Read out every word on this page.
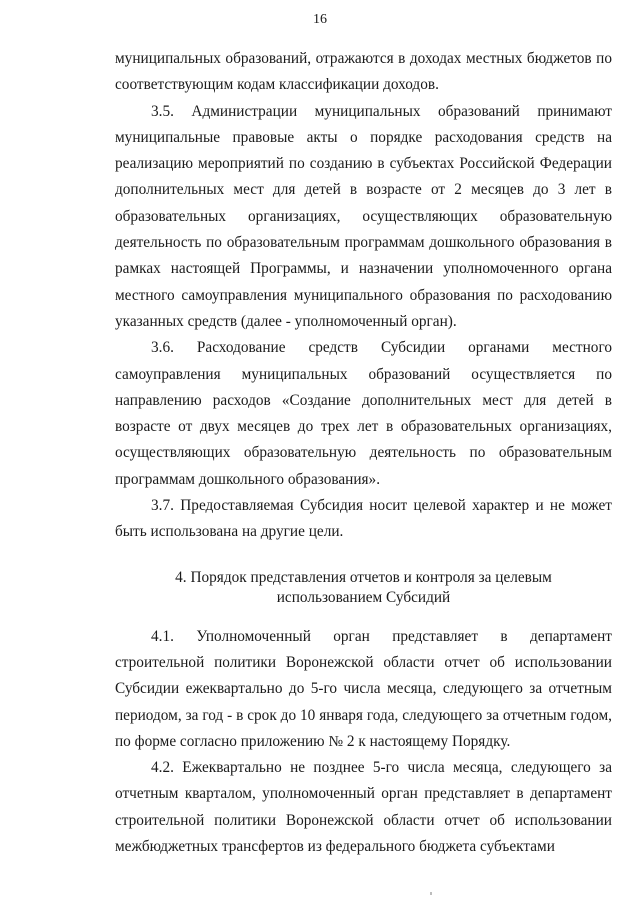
16

муниципальных образований, отражаются в доходах местных бюджетов по соответствующим кодам классификации доходов.

3.5. Администрации муниципальных образований принимают муниципальные правовые акты о порядке расходования средств на реализацию мероприятий по созданию в субъектах Российской Федерации дополнительных мест для детей в возрасте от 2 месяцев до 3 лет в образовательных организациях, осуществляющих образовательную деятельность по образовательным программам дошкольного образования в рамках настоящей Программы, и назначении уполномоченного органа местного самоуправления муниципального образования по расходованию указанных средств (далее - уполномоченный орган).

3.6. Расходование средств Субсидии органами местного самоуправления муниципальных образований осуществляется по направлению расходов «Создание дополнительных мест для детей в возрасте от двух месяцев до трех лет в образовательных организациях, осуществляющих образовательную деятельность по образовательным программам дошкольного образования».

3.7. Предоставляемая Субсидия носит целевой характер и не может быть использована на другие цели.

4. Порядок представления отчетов и контроля за целевым
использованием Субсидий

4.1. Уполномоченный орган представляет в департамент строительной политики Воронежской области отчет об использовании Субсидии ежеквартально до 5-го числа месяца, следующего за отчетным периодом, за год - в срок до 10 января года, следующего за отчетным годом, по форме согласно приложению № 2 к настоящему Порядку.

4.2. Ежеквартально не позднее 5-го числа месяца, следующего за отчетным кварталом, уполномоченный орган представляет в департамент строительной политики Воронежской области отчет об использовании межбюджетных трансфертов из федерального бюджета субъектами
